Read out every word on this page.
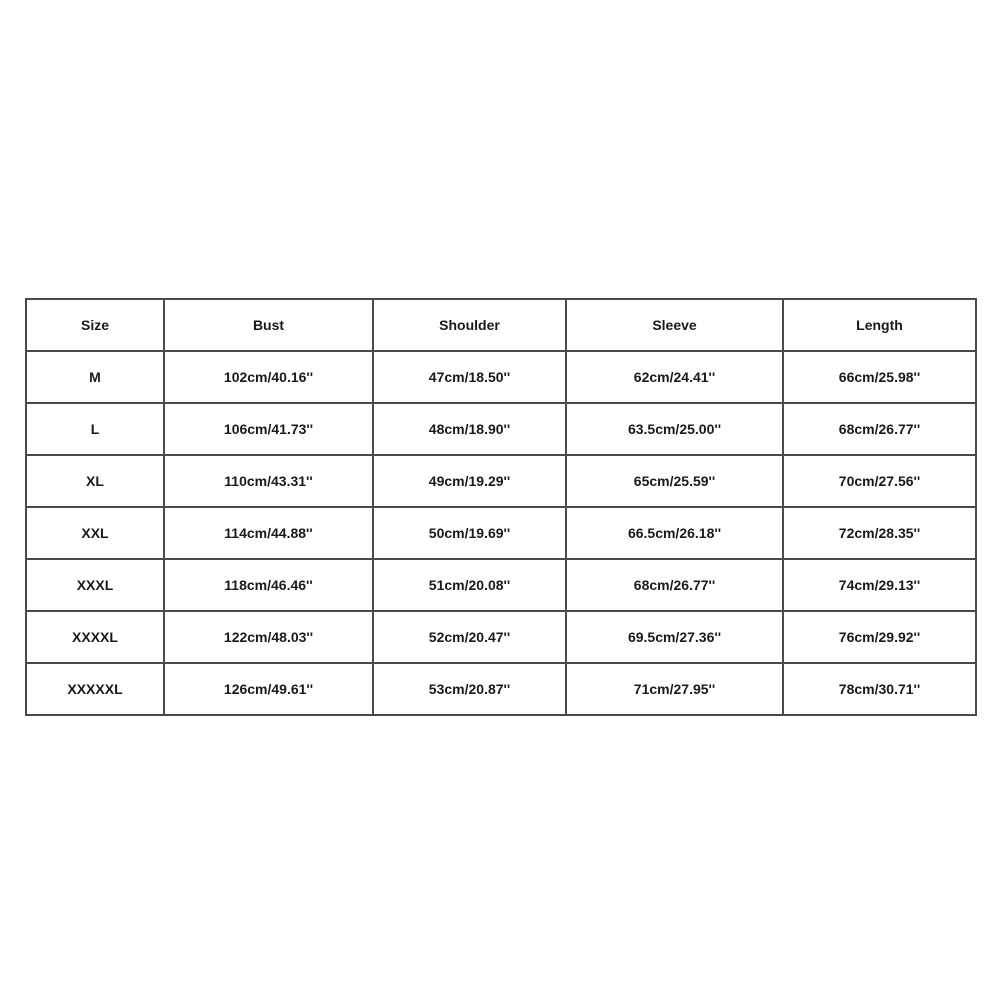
Size	Bust	Shoulder	Sleeve	Length
M	102cm/40.16''	47cm/18.50''	62cm/24.41''	66cm/25.98''
L	106cm/41.73''	48cm/18.90''	63.5cm/25.00''	68cm/26.77''
XL	110cm/43.31''	49cm/19.29''	65cm/25.59''	70cm/27.56''
XXL	114cm/44.88''	50cm/19.69''	66.5cm/26.18''	72cm/28.35''
XXXL	118cm/46.46''	51cm/20.08''	68cm/26.77''	74cm/29.13''
XXXXL	122cm/48.03''	52cm/20.47''	69.5cm/27.36''	76cm/29.92''
XXXXXL	126cm/49.61''	53cm/20.87''	71cm/27.95''	78cm/30.71''
